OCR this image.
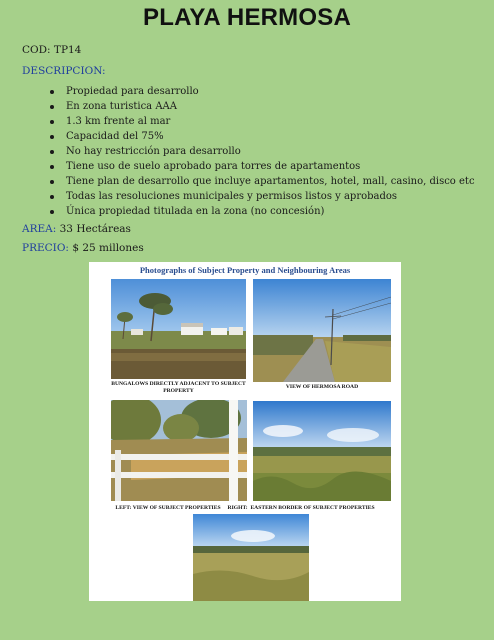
PLAYA HERMOSA
COD: TP14
DESCRIPCION:
Propiedad para desarrollo
En zona turistica AAA
1.3 km frente al mar
Capacidad del 75%
No hay restricción para desarrollo
Tiene uso de suelo aprobado para torres de apartamentos
Tiene plan de desarrollo que incluye apartamentos, hotel, mall, casino, disco etc
Todas las resoluciones municipales y permisos listos y aprobados
Única propiedad titulada en la zona (no concesión)
AREA: 33 Hectáreas
PRECIO: $ 25 millones
Photographs of Subject Property and Neighbouring Areas
BUNGALOWS DIRECTLY ADJACENT TO SUBJECT PROPERTY
VIEW OF HERMOSA ROAD
LEFT: VIEW OF SUBJECT PROPERTIES     RIGHT:  EASTERN BORDER OF SUBJECT PROPERTIES
